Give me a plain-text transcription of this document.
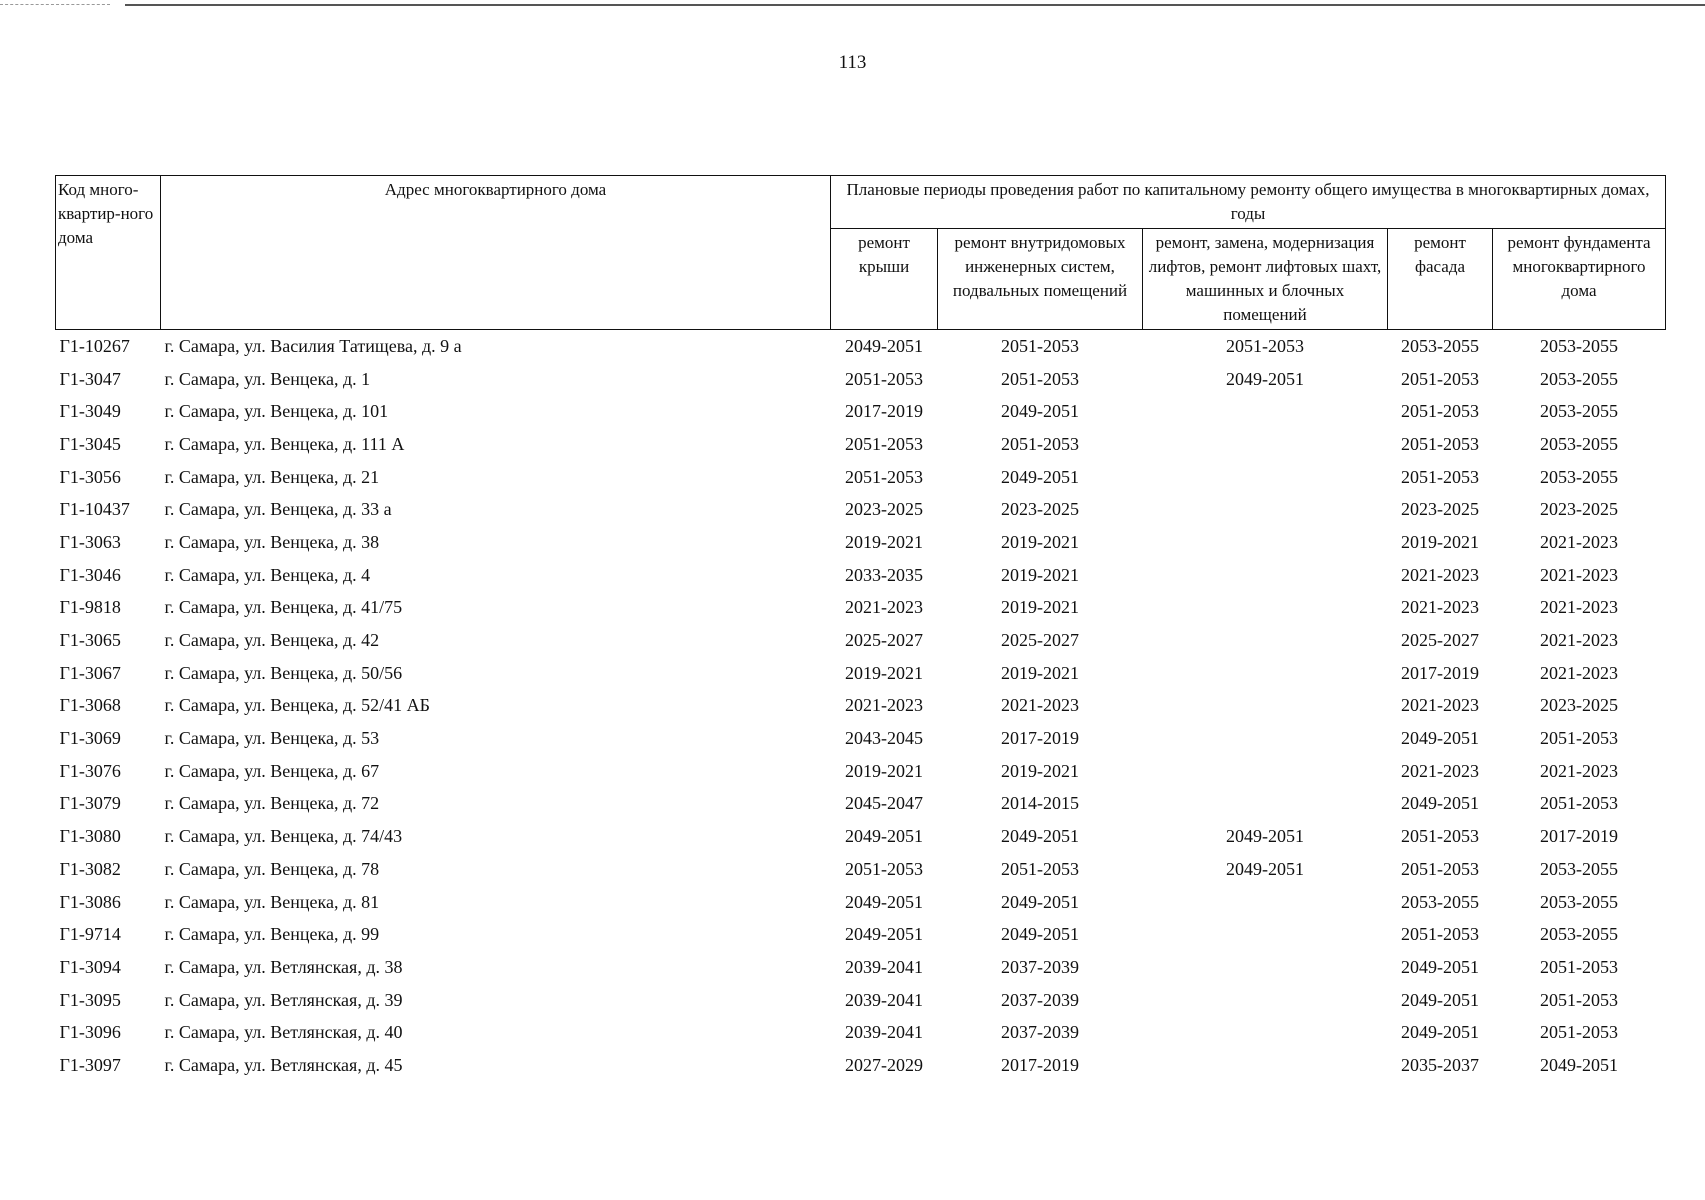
113
Код много-квартир-ного дома	Адрес многоквартирного дома	Плановые периоды проведения работ по капитальному ремонту общего имущества в многоквартирных домах, годы				
		ремонт крыши	ремонт внутридомовых инженерных систем, подвальных помещений	ремонт, замена, модернизация лифтов, ремонт лифтовых шахт, машинных и блочных помещений	ремонт фасада	ремонт фундамента многоквартирного дома
Г1-10267	г. Самара, ул. Василия Татищева, д. 9 а	2049-2051	2051-2053	2051-2053	2053-2055	2053-2055
Г1-3047	г. Самара, ул. Венцека, д. 1	2051-2053	2051-2053	2049-2051	2051-2053	2053-2055
Г1-3049	г. Самара, ул. Венцека, д. 101	2017-2019	2049-2051		2051-2053	2053-2055
Г1-3045	г. Самара, ул. Венцека, д. 111 А	2051-2053	2051-2053		2051-2053	2053-2055
Г1-3056	г. Самара, ул. Венцека, д. 21	2051-2053	2049-2051		2051-2053	2053-2055
Г1-10437	г. Самара, ул. Венцека, д. 33 а	2023-2025	2023-2025		2023-2025	2023-2025
Г1-3063	г. Самара, ул. Венцека, д. 38	2019-2021	2019-2021		2019-2021	2021-2023
Г1-3046	г. Самара, ул. Венцека, д. 4	2033-2035	2019-2021		2021-2023	2021-2023
Г1-9818	г. Самара, ул. Венцека, д. 41/75	2021-2023	2019-2021		2021-2023	2021-2023
Г1-3065	г. Самара, ул. Венцека, д. 42	2025-2027	2025-2027		2025-2027	2021-2023
Г1-3067	г. Самара, ул. Венцека, д. 50/56	2019-2021	2019-2021		2017-2019	2021-2023
Г1-3068	г. Самара, ул. Венцека, д. 52/41 АБ	2021-2023	2021-2023		2021-2023	2023-2025
Г1-3069	г. Самара, ул. Венцека, д. 53	2043-2045	2017-2019		2049-2051	2051-2053
Г1-3076	г. Самара, ул. Венцека, д. 67	2019-2021	2019-2021		2021-2023	2021-2023
Г1-3079	г. Самара, ул. Венцека, д. 72	2045-2047	2014-2015		2049-2051	2051-2053
Г1-3080	г. Самара, ул. Венцека, д. 74/43	2049-2051	2049-2051	2049-2051	2051-2053	2017-2019
Г1-3082	г. Самара, ул. Венцека, д. 78	2051-2053	2051-2053	2049-2051	2051-2053	2053-2055
Г1-3086	г. Самара, ул. Венцека, д. 81	2049-2051	2049-2051		2053-2055	2053-2055
Г1-9714	г. Самара, ул. Венцека, д. 99	2049-2051	2049-2051		2051-2053	2053-2055
Г1-3094	г. Самара, ул. Ветлянская, д. 38	2039-2041	2037-2039		2049-2051	2051-2053
Г1-3095	г. Самара, ул. Ветлянская, д. 39	2039-2041	2037-2039		2049-2051	2051-2053
Г1-3096	г. Самара, ул. Ветлянская, д. 40	2039-2041	2037-2039		2049-2051	2051-2053
Г1-3097	г. Самара, ул. Ветлянская, д. 45	2027-2029	2017-2019		2035-2037	2049-2051
